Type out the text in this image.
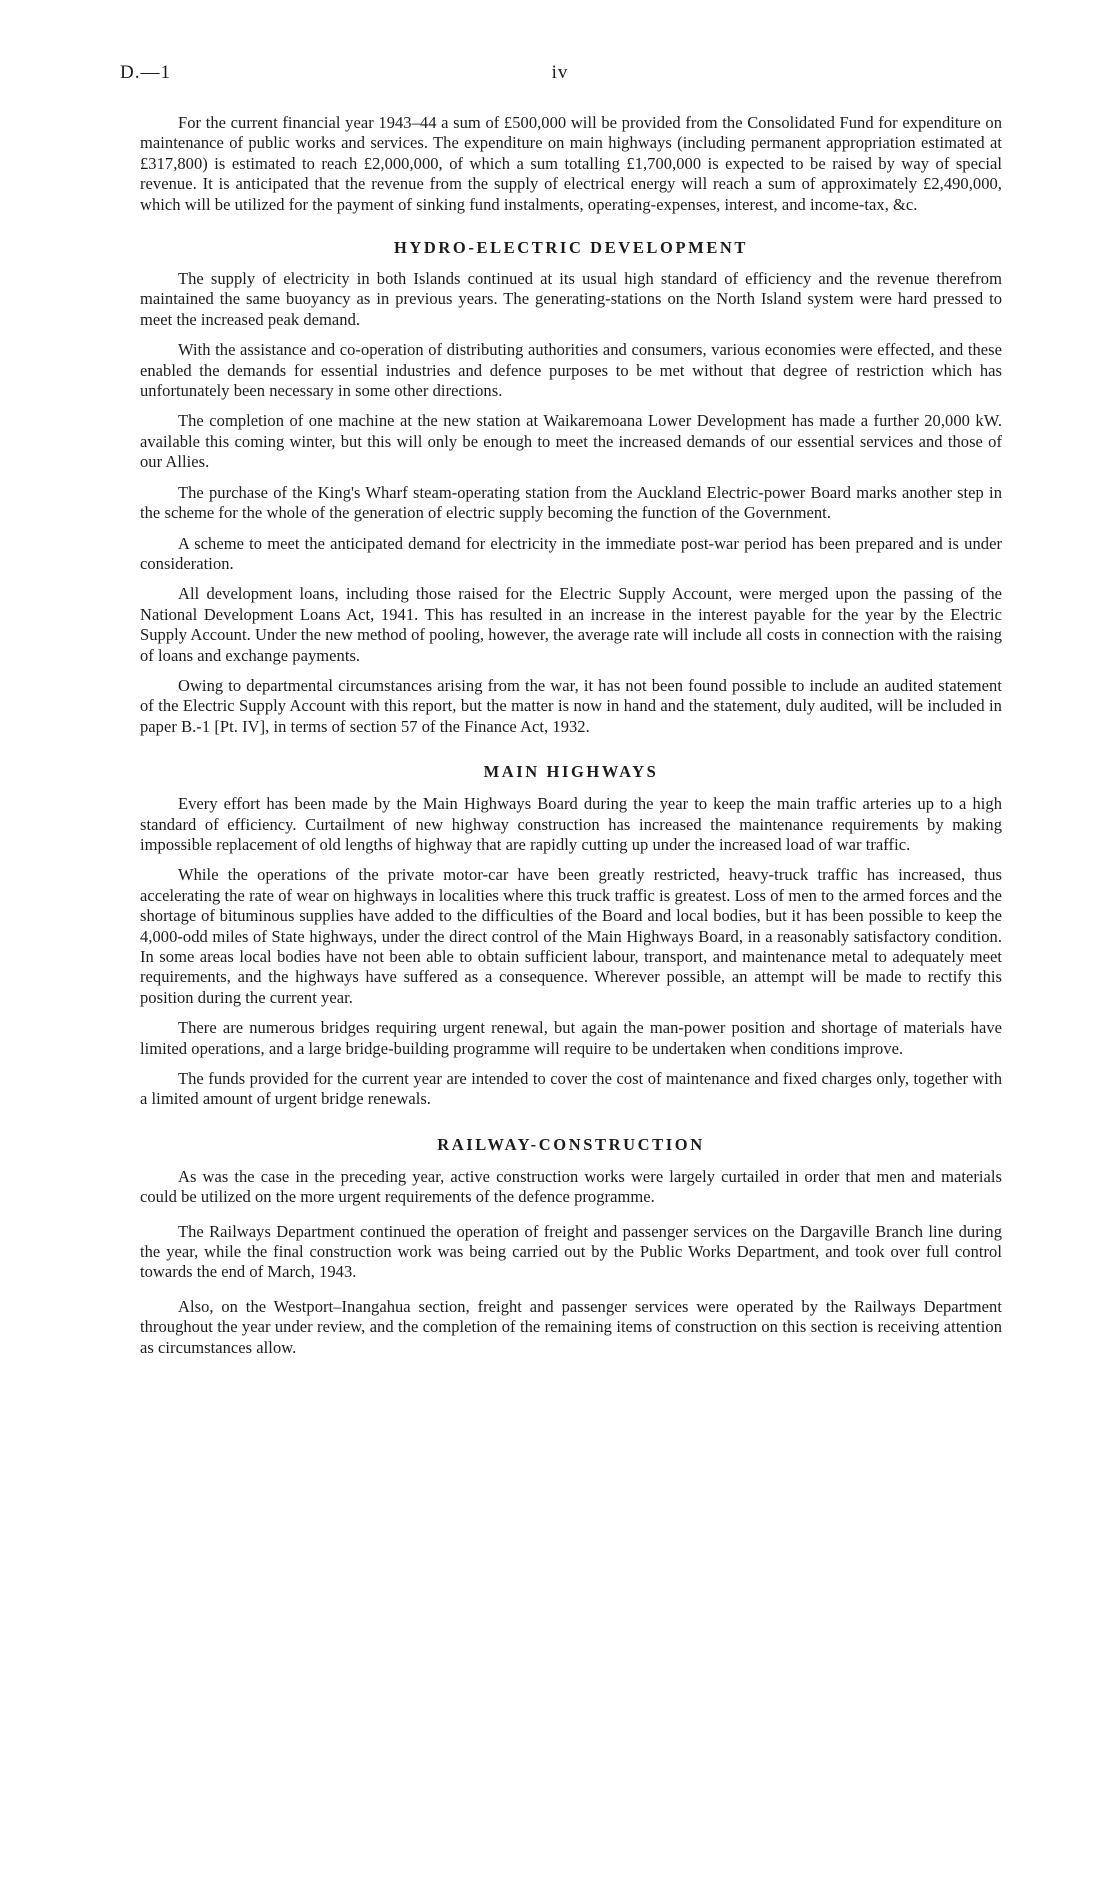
D.—1	iv

For the current financial year 1943–44 a sum of £500,000 will be provided from the Consolidated Fund for expenditure on maintenance of public works and services. The expenditure on main highways (including permanent appropriation estimated at £317,800) is estimated to reach £2,000,000, of which a sum totalling £1,700,000 is expected to be raised by way of special revenue. It is anticipated that the revenue from the supply of electrical energy will reach a sum of approximately £2,490,000, which will be utilized for the payment of sinking fund instalments, operating-expenses, interest, and income-tax, &c.

HYDRO-ELECTRIC DEVELOPMENT

The supply of electricity in both Islands continued at its usual high standard of efficiency and the revenue therefrom maintained the same buoyancy as in previous years. The generating-stations on the North Island system were hard pressed to meet the increased peak demand.

With the assistance and co-operation of distributing authorities and consumers, various economies were effected, and these enabled the demands for essential industries and defence purposes to be met without that degree of restriction which has unfortunately been necessary in some other directions.

The completion of one machine at the new station at Waikaremoana Lower Development has made a further 20,000 kW. available this coming winter, but this will only be enough to meet the increased demands of our essential services and those of our Allies.

The purchase of the King's Wharf steam-operating station from the Auckland Electric-power Board marks another step in the scheme for the whole of the generation of electric supply becoming the function of the Government.

A scheme to meet the anticipated demand for electricity in the immediate post-war period has been prepared and is under consideration.

All development loans, including those raised for the Electric Supply Account, were merged upon the passing of the National Development Loans Act, 1941. This has resulted in an increase in the interest payable for the year by the Electric Supply Account. Under the new method of pooling, however, the average rate will include all costs in connection with the raising of loans and exchange payments.

Owing to departmental circumstances arising from the war, it has not been found possible to include an audited statement of the Electric Supply Account with this report, but the matter is now in hand and the statement, duly audited, will be included in paper B.-1 [Pt. IV], in terms of section 57 of the Finance Act, 1932.

MAIN HIGHWAYS

Every effort has been made by the Main Highways Board during the year to keep the main traffic arteries up to a high standard of efficiency. Curtailment of new highway construction has increased the maintenance requirements by making impossible replacement of old lengths of highway that are rapidly cutting up under the increased load of war traffic.

While the operations of the private motor-car have been greatly restricted, heavy-truck traffic has increased, thus accelerating the rate of wear on highways in localities where this truck traffic is greatest. Loss of men to the armed forces and the shortage of bituminous supplies have added to the difficulties of the Board and local bodies, but it has been possible to keep the 4,000-odd miles of State highways, under the direct control of the Main Highways Board, in a reasonably satisfactory condition. In some areas local bodies have not been able to obtain sufficient labour, transport, and maintenance metal to adequately meet requirements, and the highways have suffered as a consequence. Wherever possible, an attempt will be made to rectify this position during the current year.

There are numerous bridges requiring urgent renewal, but again the man-power position and shortage of materials have limited operations, and a large bridge-building programme will require to be undertaken when conditions improve.

The funds provided for the current year are intended to cover the cost of maintenance and fixed charges only, together with a limited amount of urgent bridge renewals.

RAILWAY-CONSTRUCTION

As was the case in the preceding year, active construction works were largely curtailed in order that men and materials could be utilized on the more urgent requirements of the defence programme.

The Railways Department continued the operation of freight and passenger services on the Dargaville Branch line during the year, while the final construction work was being carried out by the Public Works Department, and took over full control towards the end of March, 1943.

Also, on the Westport–Inangahua section, freight and passenger services were operated by the Railways Department throughout the year under review, and the completion of the remaining items of construction on this section is receiving attention as circumstances allow.
